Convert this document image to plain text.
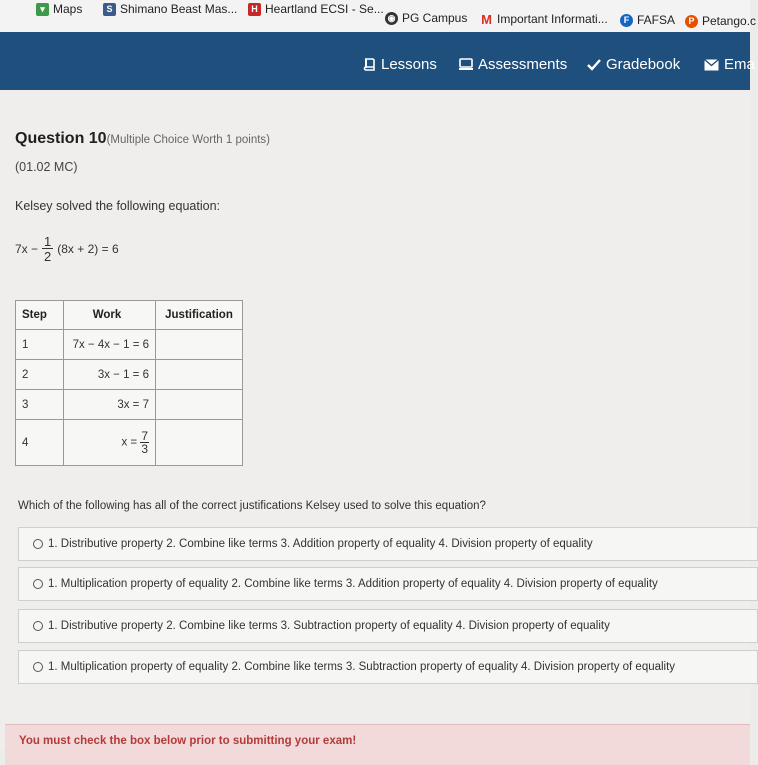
▾ Maps	S Shimano Beast Mas...	H Heartland ECSI - Se...
◉ PG Campus M Important Informati...	F FAFSA	P Petango.c
Lessons	Assessments	Gradebook	Ema
Question 10(Multiple Choice Worth 1 points)
(01.02 MC)
Kelsey solved the following equation:
$7x - \frac{1}{2} (8x + 2) = 6$
Step	Work	Justification
1	7x − 4x − 1 = 6	
2	3x − 1 = 6	
3	3x = 7	
4	$x = \frac{7}{3}$

Which of the following has all of the correct justifications Kelsey used to solve this equation?
1. Distributive property 2. Combine like terms 3. Addition property of equality 4. Division property of equality
1. Multiplication property of equality 2. Combine like terms 3. Addition property of equality 4. Division property of equality
1. Distributive property 2. Combine like terms 3. Subtraction property of equality 4. Division property of equality
1. Multiplication property of equality 2. Combine like terms 3. Subtraction property of equality 4. Division property of equality
You must check the box below prior to submitting your exam!
